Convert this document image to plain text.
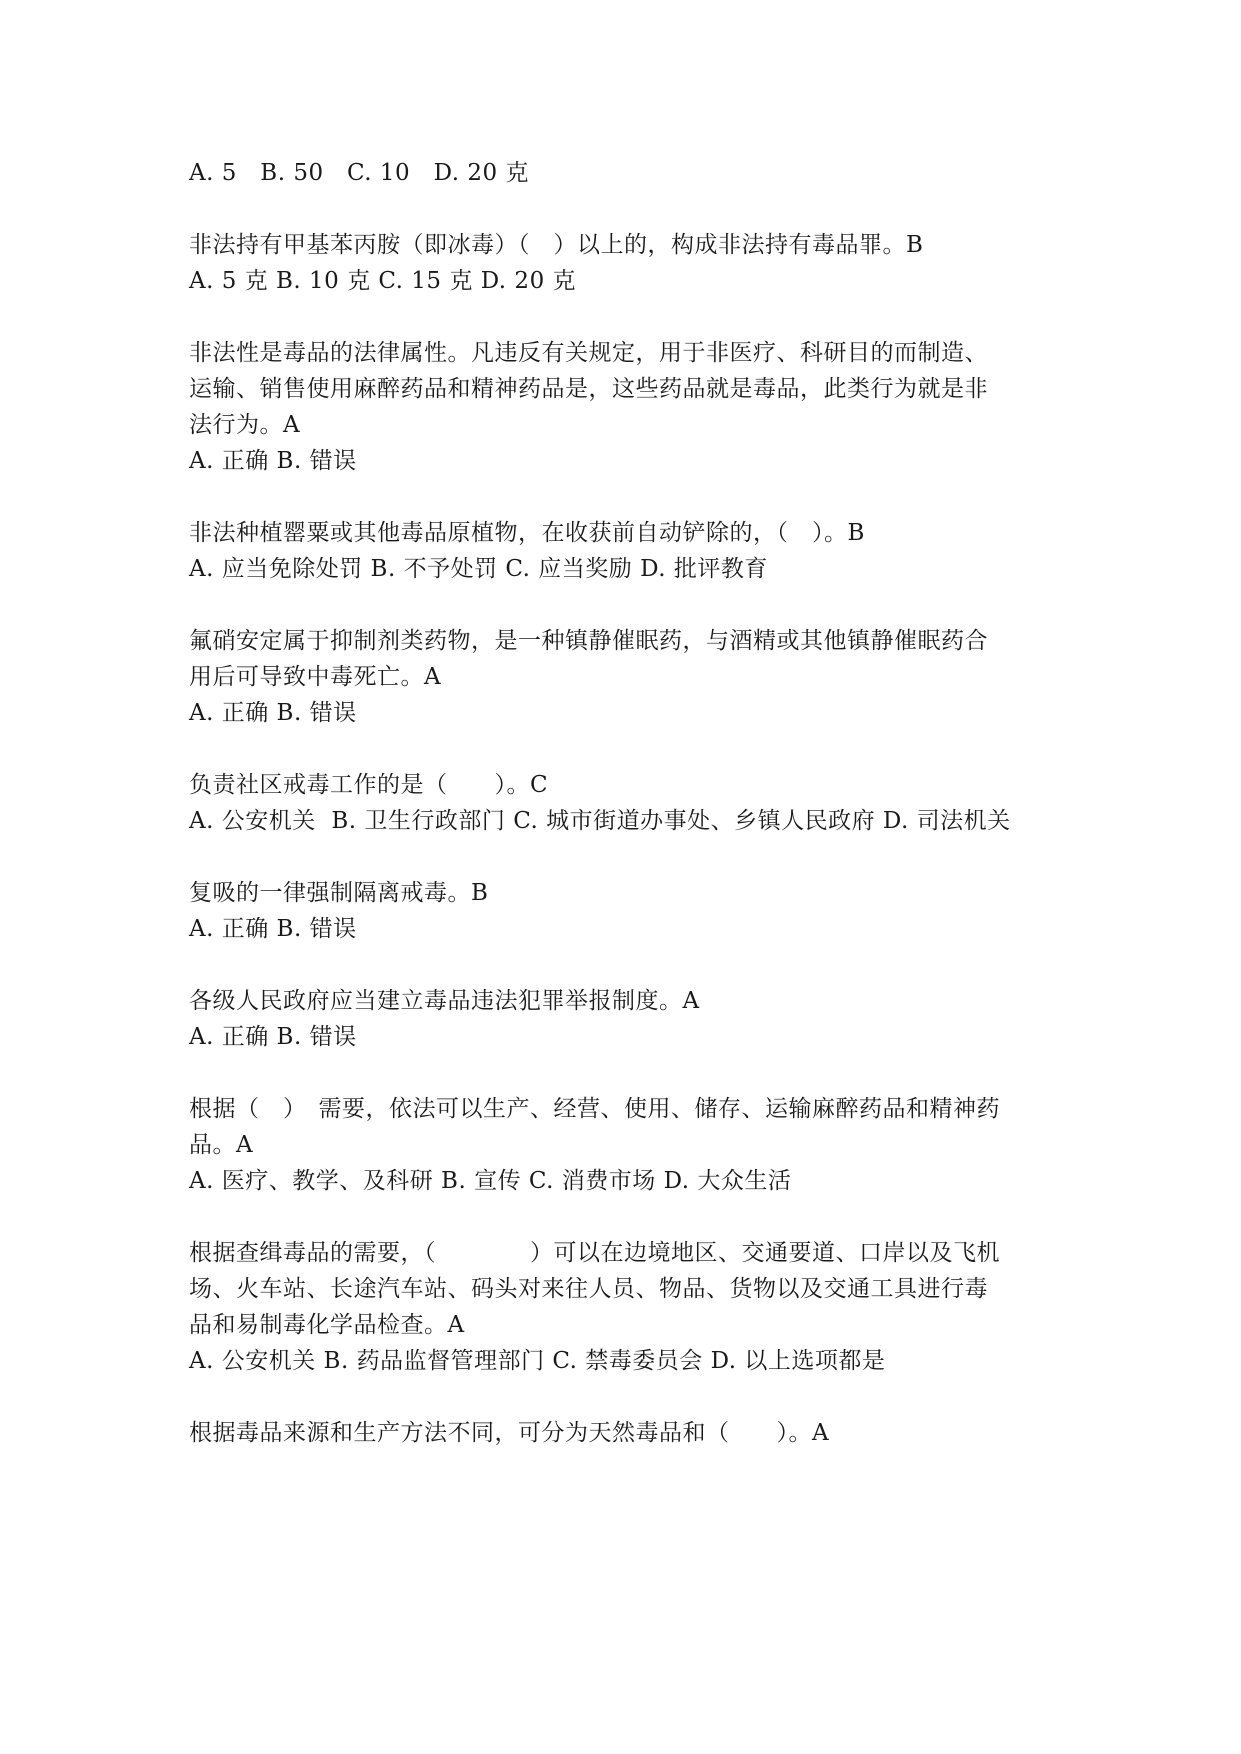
A. 5   B. 50   C. 10   D. 20 克
非法持有甲基苯丙胺（即冰毒）（　）以上的，构成非法持有毒品罪。B
A. 5 克 B. 10 克 C. 15 克 D. 20 克
非法性是毒品的法律属性。凡违反有关规定，用于非医疗、科研目的而制造、
运输、销售使用麻醉药品和精神药品是，这些药品就是毒品，此类行为就是非
法行为。A
A. 正确 B. 错误
非法种植罂粟或其他毒品原植物，在收获前自动铲除的，（　）。B
A. 应当免除处罚 B. 不予处罚 C. 应当奖励 D. 批评教育
氟硝安定属于抑制剂类药物，是一种镇静催眠药，与酒精或其他镇静催眠药合
用后可导致中毒死亡。A
A. 正确 B. 错误
负责社区戒毒工作的是（　　）。C
A. 公安机关  B. 卫生行政部门 C. 城市街道办事处、乡镇人民政府 D. 司法机关
复吸的一律强制隔离戒毒。B
A. 正确 B. 错误
各级人民政府应当建立毒品违法犯罪举报制度。A
A. 正确 B. 错误
根据（　）　需要，依法可以生产、经营、使用、储存、运输麻醉药品和精神药
品。A
A. 医疗、教学、及科研 B. 宣传 C. 消费市场 D. 大众生活
根据查缉毒品的需要，（　　　　）可以在边境地区、交通要道、口岸以及飞机
场、火车站、长途汽车站、码头对来往人员、物品、货物以及交通工具进行毒
品和易制毒化学品检查。A
A. 公安机关 B. 药品监督管理部门 C. 禁毒委员会 D. 以上选项都是
根据毒品来源和生产方法不同，可分为天然毒品和（　　）。A
